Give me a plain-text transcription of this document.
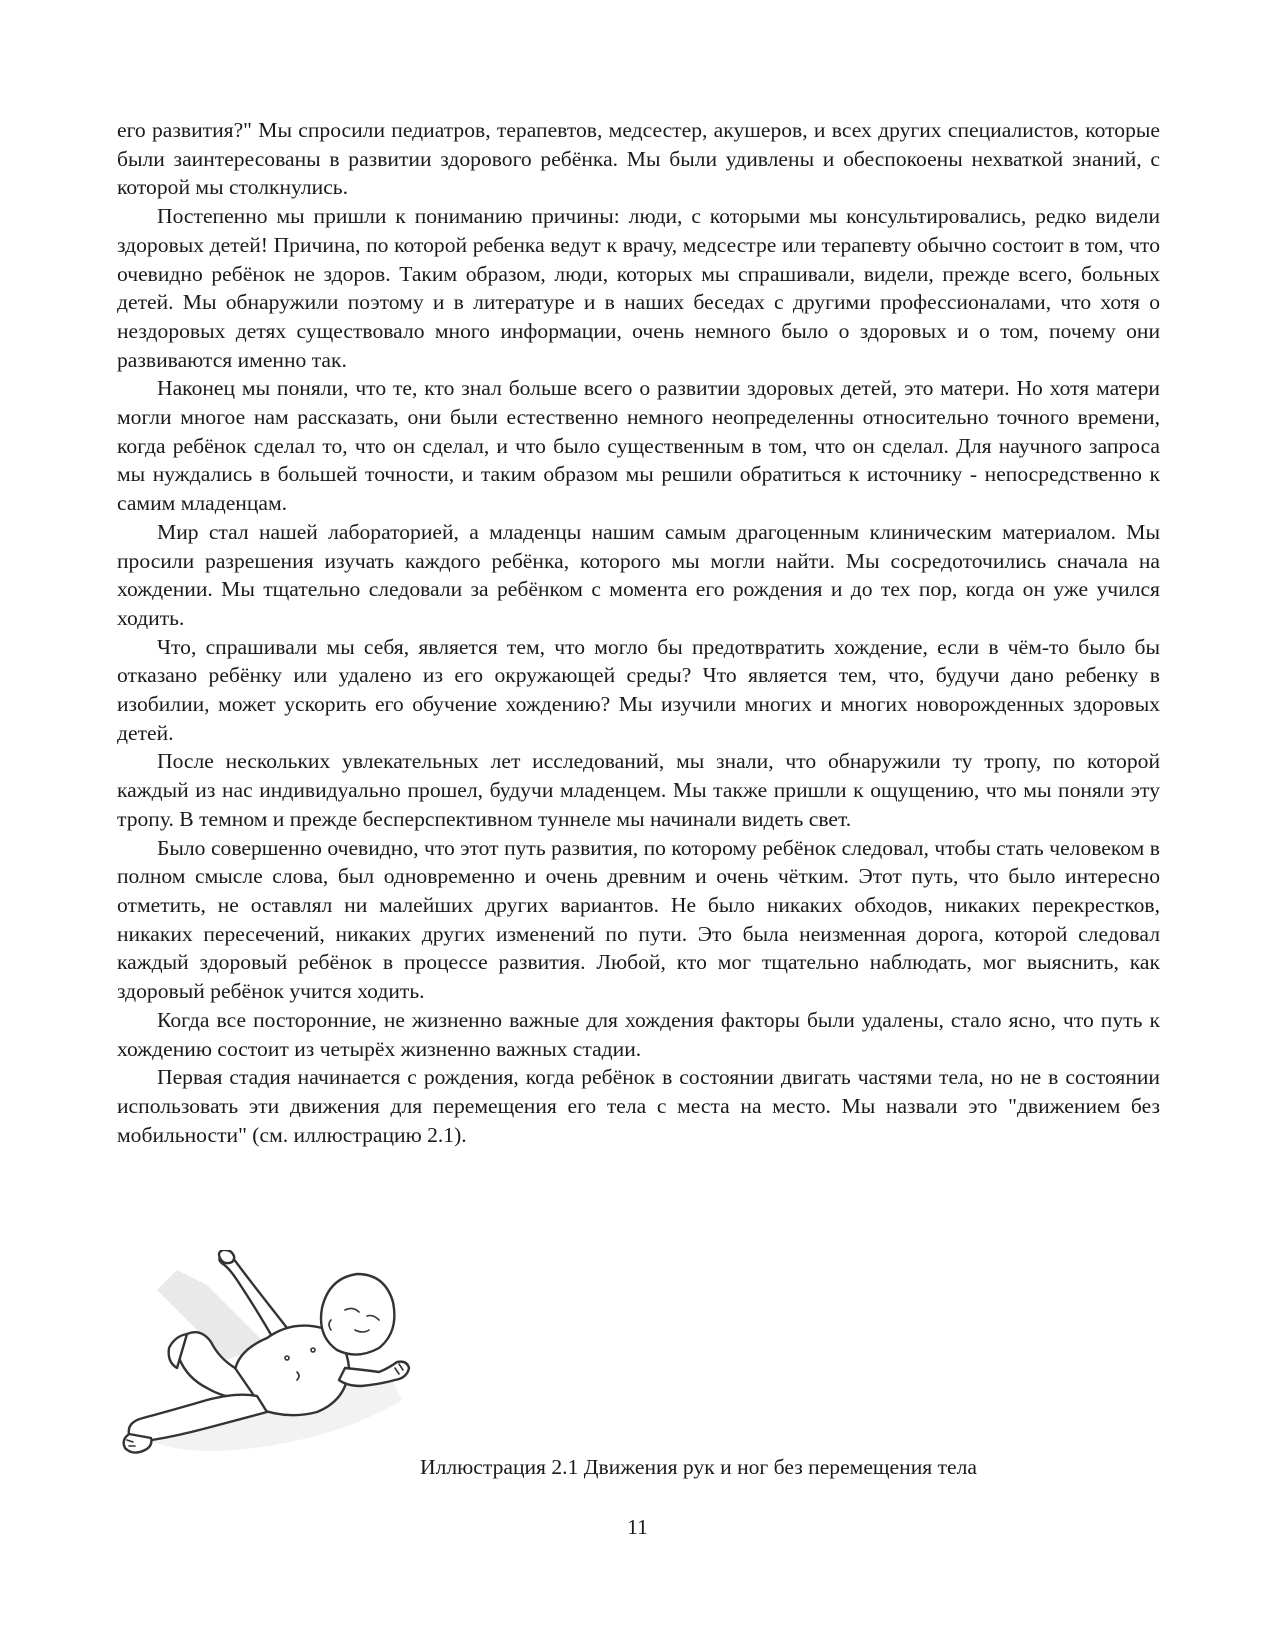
его развития?" Мы спросили педиатров, терапевтов, медсестер, акушеров, и всех других специалистов, которые были заинтересованы в развитии здорового ребёнка. Мы были удивлены и обеспокоены нехваткой знаний, с которой мы столкнулись.

Постепенно мы пришли к пониманию причины: люди, с которыми мы консультировались, редко видели здоровых детей! Причина, по которой ребенка ведут к врачу, медсестре или терапевту обычно состоит в том, что очевидно ребёнок не здоров. Таким образом, люди, которых мы спрашивали, видели, прежде всего, больных детей. Мы обнаружили поэтому и в литературе и в наших беседах с другими профессионалами, что хотя о нездоровых детях существовало много информации, очень немного было о здоровых и о том, почему они развиваются именно так.

Наконец мы поняли, что те, кто знал больше всего о развитии здоровых детей, это матери. Но хотя матери могли многое нам рассказать, они были естественно немного неопределенны относительно точного времени, когда ребёнок сделал то, что он сделал, и что было существенным в том, что он сделал. Для научного запроса мы нуждались в большей точности, и таким образом мы решили обратиться к источнику - непосредственно к самим младенцам.

Мир стал нашей лабораторией, а младенцы нашим самым драгоценным клиническим материалом. Мы просили разрешения изучать каждого ребёнка, которого мы могли найти. Мы сосредоточились сначала на хождении. Мы тщательно следовали за ребёнком с момента его рождения и до тех пор, когда он уже учился ходить.

Что, спрашивали мы себя, является тем, что могло бы предотвратить хождение, если в чём-то было бы отказано ребёнку или удалено из его окружающей среды? Что является тем, что, будучи дано ребенку в изобилии, может ускорить его обучение хождению? Мы изучили многих и многих новорожденных здоровых детей.

После нескольких увлекательных лет исследований, мы знали, что обнаружили ту тропу, по которой каждый из нас индивидуально прошел, будучи младенцем. Мы также пришли к ощущению, что мы поняли эту тропу. В темном и прежде бесперспективном туннеле мы начинали видеть свет.

Было совершенно очевидно, что этот путь развития, по которому ребёнок следовал, чтобы стать человеком в полном смысле слова, был одновременно и очень древним и очень чётким. Этот путь, что было интересно отметить, не оставлял ни малейших других вариантов. Не было никаких обходов, никаких перекрестков, никаких пересечений, никаких других изменений по пути. Это была неизменная дорога, которой следовал каждый здоровый ребёнок в процессе развития. Любой, кто мог тщательно наблюдать, мог выяснить, как здоровый ребёнок учится ходить.

Когда все посторонние, не жизненно важные для хождения факторы были удалены, стало ясно, что путь к хождению состоит из четырёх жизненно важных стадии.

Первая стадия начинается с рождения, когда ребёнок в состоянии двигать частями тела, но не в состоянии использовать эти движения для перемещения его тела с места на место. Мы назвали это "движением без мобильности" (см. иллюстрацию 2.1).

Иллюстрация 2.1 Движения рук и ног без перемещения тела
11
